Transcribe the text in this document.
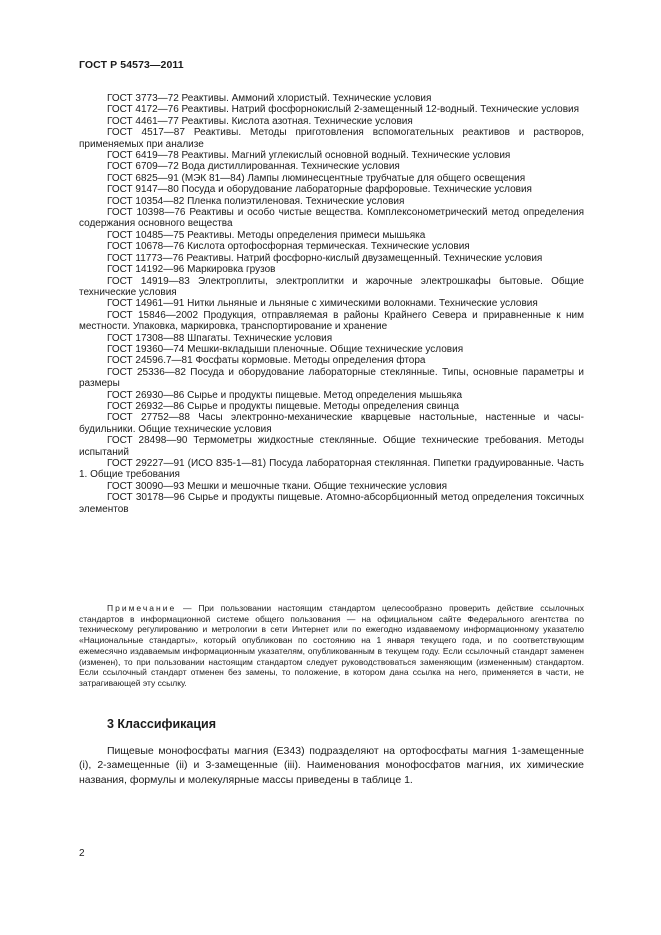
ГОСТ Р 54573—2011

ГОСТ 3773—72 Реактивы. Аммоний хлористый. Технические условия

ГОСТ 4172—76 Реактивы. Натрий фосфорнокислый 2-замещенный 12-водный. Технические условия

ГОСТ 4461—77 Реактивы. Кислота азотная. Технические условия

ГОСТ 4517—87 Реактивы. Методы приготовления вспомогательных реактивов и растворов, применяемых при анализе

ГОСТ 6419—78 Реактивы. Магний углекислый основной водный. Технические условия

ГОСТ 6709—72 Вода дистиллированная. Технические условия

ГОСТ 6825—91 (МЭК 81—84) Лампы люминесцентные трубчатые для общего освещения

ГОСТ 9147—80 Посуда и оборудование лабораторные фарфоровые. Технические условия

ГОСТ 10354—82 Пленка полиэтиленовая. Технические условия

ГОСТ 10398—76 Реактивы и особо чистые вещества. Комплексонометрический метод определения содержания основного вещества

ГОСТ 10485—75 Реактивы. Методы определения примеси мышьяка

ГОСТ 10678—76 Кислота ортофосфорная термическая. Технические условия

ГОСТ 11773—76 Реактивы. Натрий фосфорно-кислый двузамещенный. Технические условия

ГОСТ 14192—96 Маркировка грузов

ГОСТ 14919—83 Электроплиты, электроплитки и жарочные электрошкафы бытовые. Общие технические условия

ГОСТ 14961—91 Нитки льняные и льняные с химическими волокнами. Технические условия

ГОСТ 15846—2002 Продукция, отправляемая в районы Крайнего Севера и приравненные к ним местности. Упаковка, маркировка, транспортирование и хранение

ГОСТ 17308—88 Шпагаты. Технические условия

ГОСТ 19360—74 Мешки-вкладыши пленочные. Общие технические условия

ГОСТ 24596.7—81 Фосфаты кормовые. Методы определения фтора

ГОСТ 25336—82 Посуда и оборудование лабораторные стеклянные. Типы, основные параметры и размеры

ГОСТ 26930—86 Сырье и продукты пищевые. Метод определения мышьяка

ГОСТ 26932—86 Сырье и продукты пищевые. Методы определения свинца

ГОСТ 27752—88 Часы электронно-механические кварцевые настольные, настенные и часы-будильники. Общие технические условия

ГОСТ 28498—90 Термометры жидкостные стеклянные. Общие технические требования. Методы испытаний

ГОСТ 29227—91 (ИСО 835-1—81) Посуда лабораторная стеклянная. Пипетки градуированные. Часть 1. Общие требования

ГОСТ 30090—93 Мешки и мешочные ткани. Общие технические условия

ГОСТ 30178—96 Сырье и продукты пищевые. Атомно-абсорбционный метод определения токсичных элементов

Примечание — При пользовании настоящим стандартом целесообразно проверить действие ссылочных стандартов в информационной системе общего пользования — на официальном сайте Федерального агентства по техническому регулированию и метрологии в сети Интернет или по ежегодно издаваемому информационному указателю «Национальные стандарты», который опубликован по состоянию на 1 января текущего года, и по соответствующим ежемесячно издаваемым информационным указателям, опубликованным в текущем году. Если ссылочный стандарт заменен (изменен), то при пользовании настоящим стандартом следует руководствоваться заменяющим (измененным) стандартом. Если ссылочный стандарт отменен без замены, то положение, в котором дана ссылка на него, применяется в части, не затрагивающей эту ссылку.

3 Классификация

Пищевые монофосфаты магния (Е343) подразделяют на ортофосфаты магния 1-замещенные (i), 2-замещенные (ii) и 3-замещенные (iii). Наименования монофосфатов магния, их химические названия, формулы и молекулярные массы приведены в таблице 1.

2
